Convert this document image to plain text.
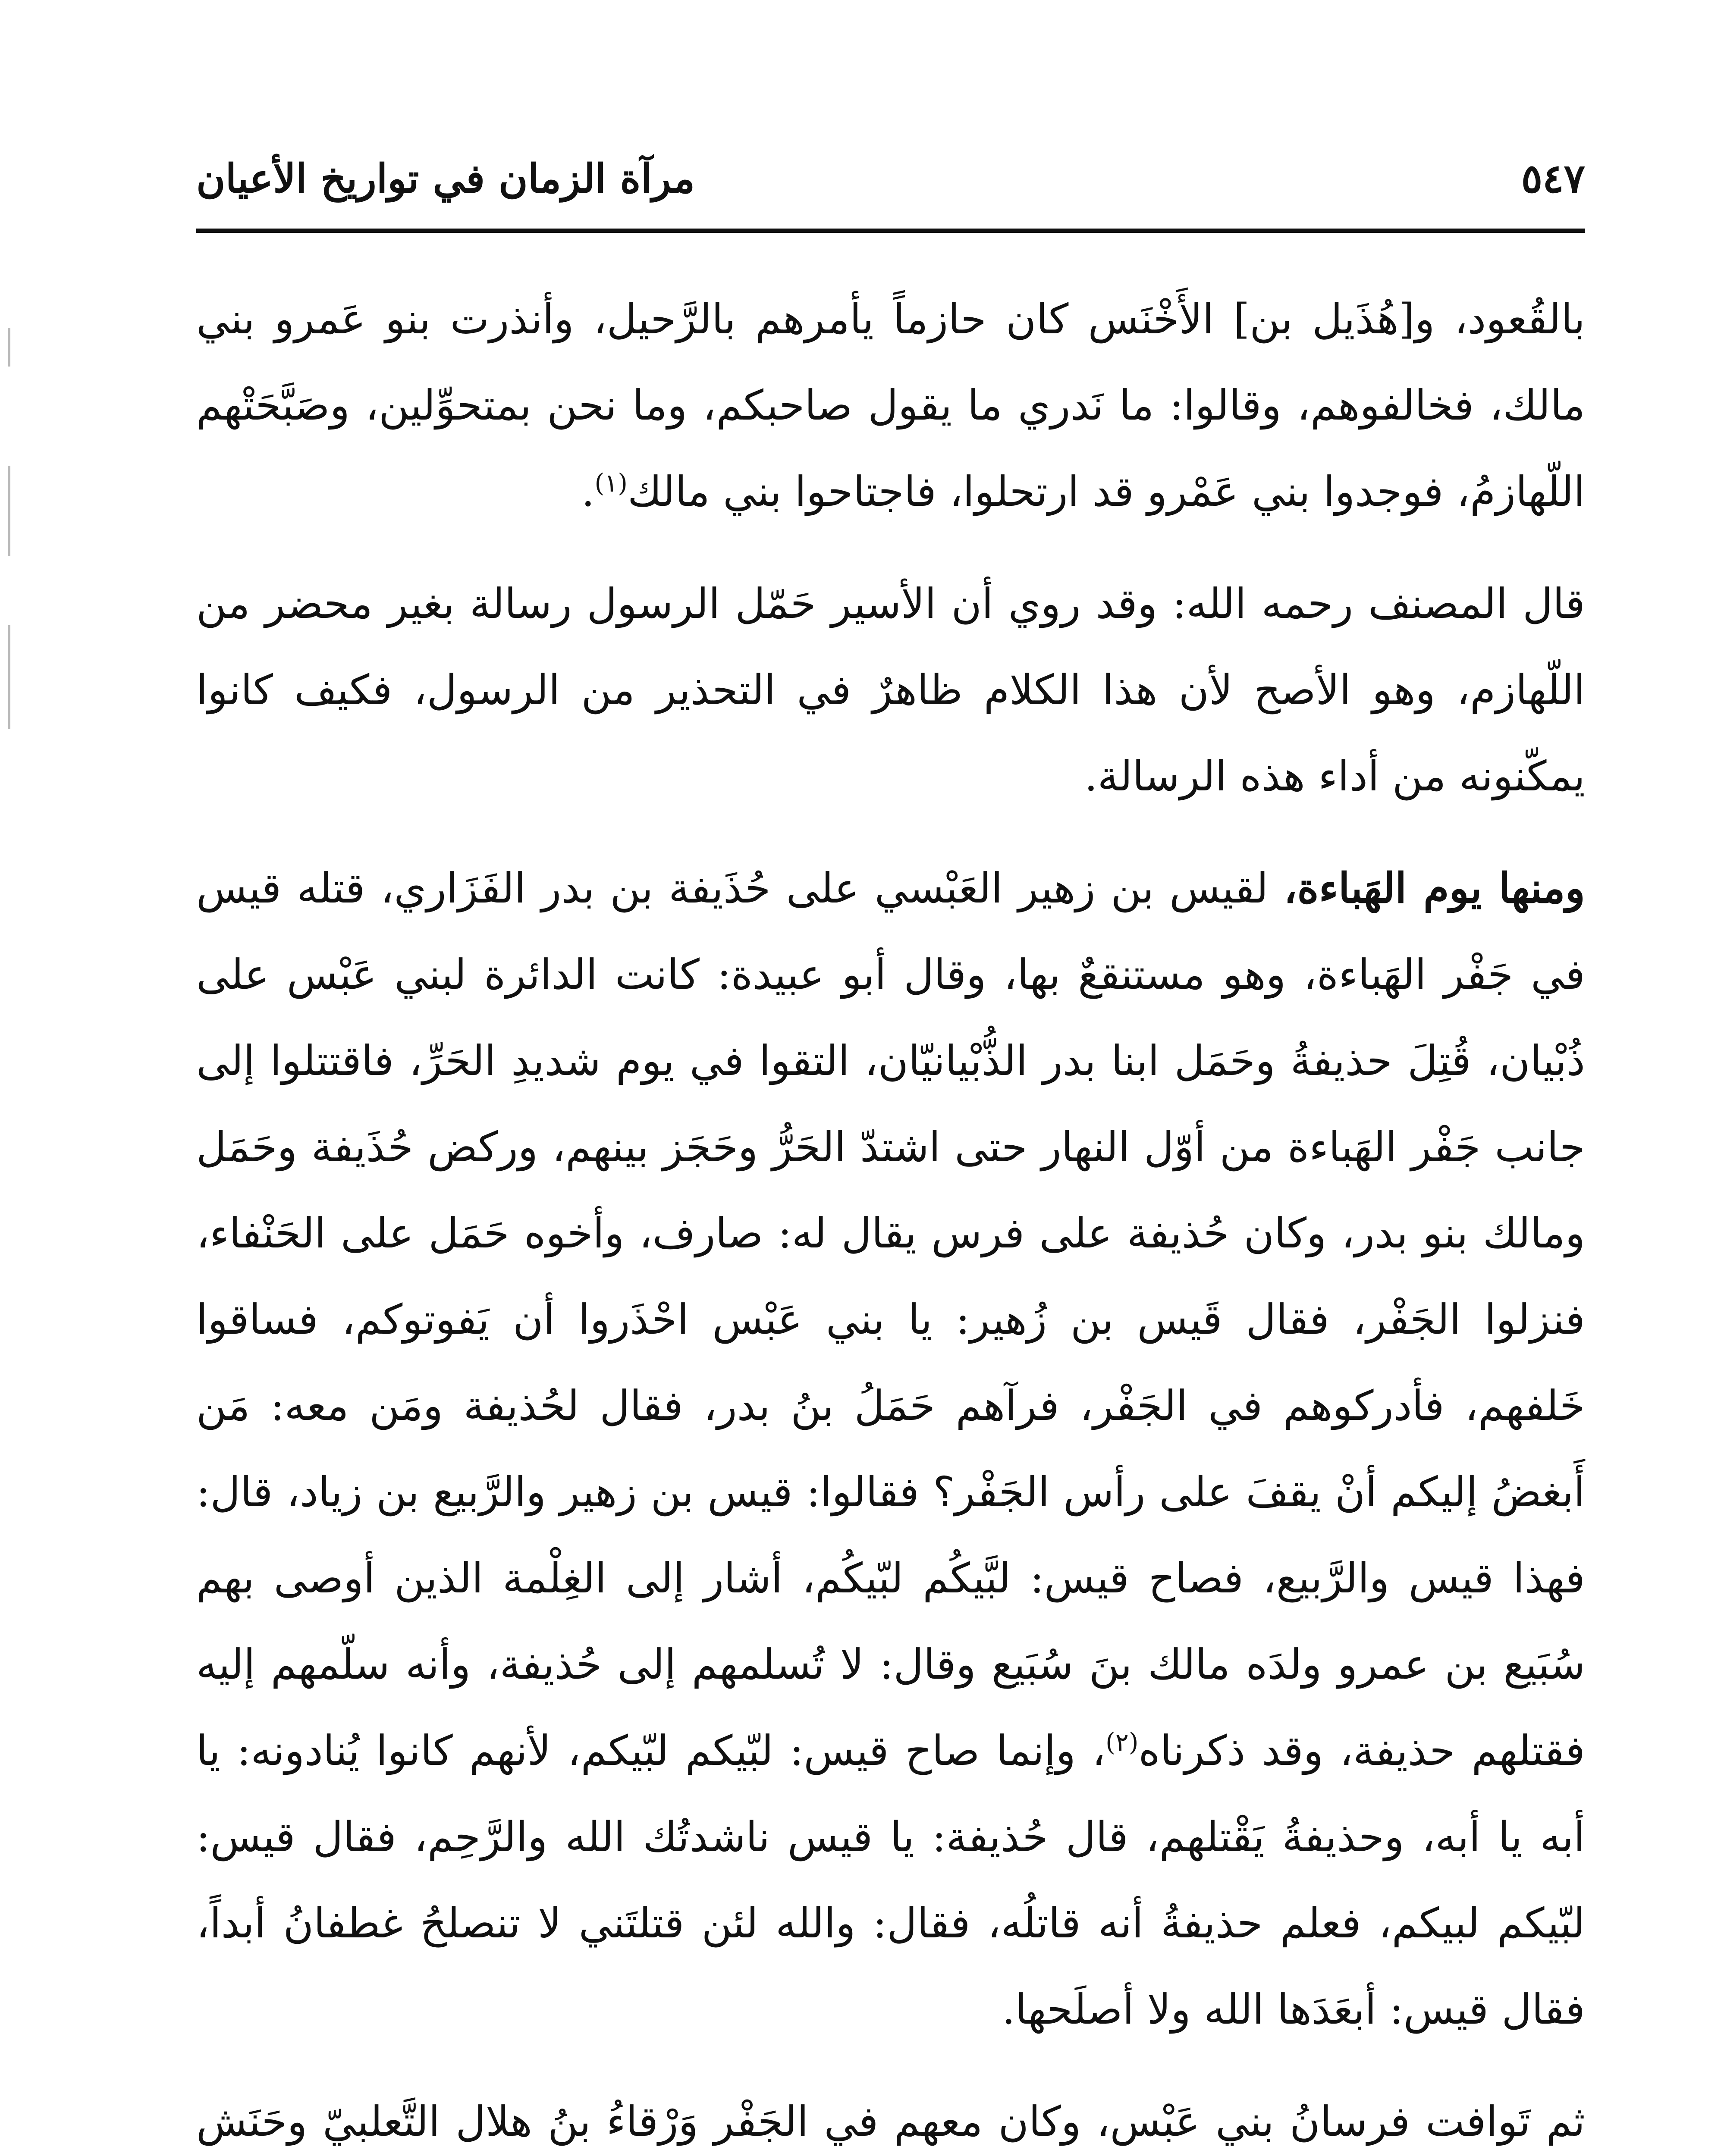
٥٤٧
مرآة الزمان في تواريخ الأعيان

بالقُعود، و[هُذَيل بن] الأَخْنَس كان حازماً يأمرهم بالرَّحيل، وأنذرت بنو عَمرو بني مالك، فخالفوهم، وقالوا: ما نَدري ما يقول صاحبكم، وما نحن بمتحوِّلين، وصَبَّحَتْهم اللّهازمُ، فوجدوا بني عَمْرو قد ارتحلوا، فاجتاحوا بني مالك$^{(١)}$.

قال المصنف رحمه الله: وقد روي أن الأسير حَمّل الرسول رسالة بغير محضر من اللّهازم، وهو الأصح لأن هذا الكلام ظاهرٌ في التحذير من الرسول، فكيف كانوا يمكّنونه من أداء هذه الرسالة.

ومنها يوم الهَباءة، لقيس بن زهير العَبْسي على حُذَيفة بن بدر الفَزَاري، قتله قيس في جَفْر الهَباءة، وهو مستنقعٌ بها، وقال أبو عبيدة: كانت الدائرة لبني عَبْس على ذُبْيان، قُتِلَ حذيفةُ وحَمَل ابنا بدر الذُّبْيانيّان، التقوا في يوم شديدِ الحَرِّ، فاقتتلوا إلى جانب جَفْر الهَباءة من أوّل النهار حتى اشتدّ الحَرُّ وحَجَز بينهم، وركض حُذَيفة وحَمَل ومالك بنو بدر، وكان حُذيفة على فرس يقال له: صارف، وأخوه حَمَل على الحَنْفاء، فنزلوا الجَفْر، فقال قَيس بن زُهير: يا بني عَبْس احْذَروا أن يَفوتوكم، فساقوا خَلفهم، فأدركوهم في الجَفْر، فرآهم حَمَلُ بنُ بدر، فقال لحُذيفة ومَن معه: مَن أَبغضُ إليكم أنْ يقفَ على رأس الجَفْر؟ فقالوا: قيس بن زهير والرَّبيع بن زياد، قال: فهذا قيس والرَّبيع، فصاح قيس: لبَّيكُم لبّيكُم، أشار إلى الغِلْمة الذين أوصى بهم سُبَيع بن عمرو ولدَه مالك بنَ سُبَيع وقال: لا تُسلمهم إلى حُذيفة، وأنه سلّمهم إليه فقتلهم حذيفة، وقد ذكرناه$^{(٢)}$، وإنما صاح قيس: لبّيكم لبّيكم، لأنهم كانوا يُنادونه: يا أبه يا أبه، وحذيفةُ يَقْتلهم، قال حُذيفة: يا قيس ناشدتُك الله والرَّحِم، فقال قيس: لبّيكم لبيكم، فعلم حذيفةُ أنه قاتلُه، فقال: والله لئن قتلتَني لا تنصلحُ غطفانُ أبداً، فقال قيس: أبعَدَها الله ولا أصلَحها.

ثم تَوافت فرسانُ بني عَبْس، وكان معهم في الجَفْر وَرْقاءُ بنُ هلال التَّعلبيّ وحَنَش
